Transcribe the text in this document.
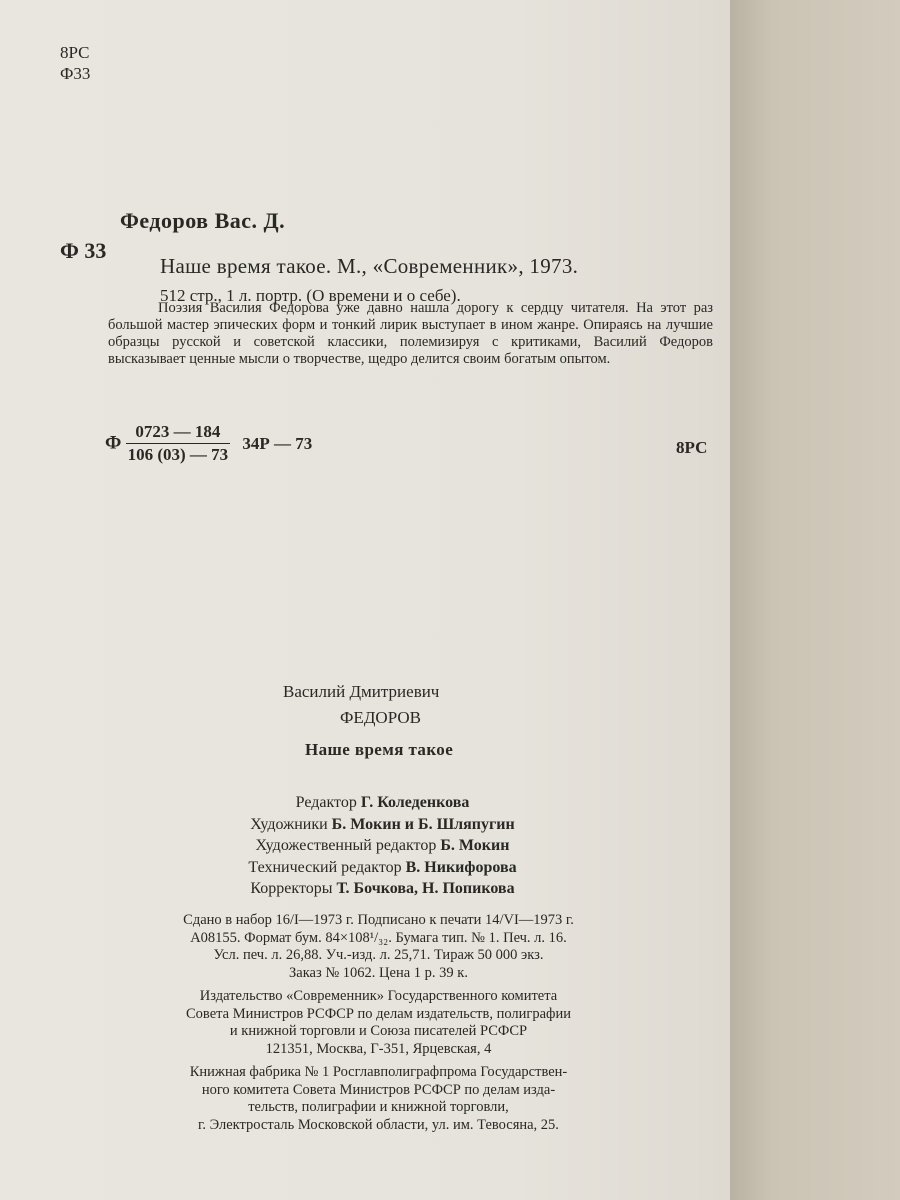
8РС
Ф33
Федоров Вас. Д.
Ф 33
Наше время такое. М., «Современник», 1973.
512 стр., 1 л. портр. (О времени и о себе).

Поэзия Василия Федорова уже давно нашла дорогу к сердцу читателя. На этот раз большой мастер эпических форм и тонкий лирик выступает в ином жанре. Опираясь на лучшие образцы русской и советской классики, полемизируя с критиками, Василий Федоров высказывает ценные мысли о творчестве, щедро делится своим богатым опытом.

Ф $\frac{0723 — 184}{106 (03) — 73} 34Р$ — 73	8РС
Василий Дмитриевич
ФЕДОРОВ
Наше время такое
Редактор Г. Коледенкова
Художники Б. Мокин и Б. Шляпугин
Художественный редактор Б. Мокин
Технический редактор В. Никифорова
Корректоры Т. Бочкова, Н. Попикова
Сдано в набор 16/I—1973 г. Подписано к печати 14/VI—1973 г.
А08155. Формат бум. 84×108¹/₃₂. Бумага тип. № 1. Печ. л. 16.
Усл. печ. л. 26,88. Уч.-изд. л. 25,71. Тираж 50 000 экз.
Заказ № 1062. Цена 1 р. 39 к.
Издательство «Современник» Государственного комитета
Совета Министров РСФСР по делам издательств, полиграфии
и книжной торговли и Союза писателей РСФСР
121351, Москва, Г-351, Ярцевская, 4
Книжная фабрика № 1 Росглавполиграфпрома Государствен-
ного комитета Совета Министров РСФСР по делам изда-
тельств, полиграфии и книжной торговли,
г. Электросталь Московской области, ул. им. Тевосяна, 25.
